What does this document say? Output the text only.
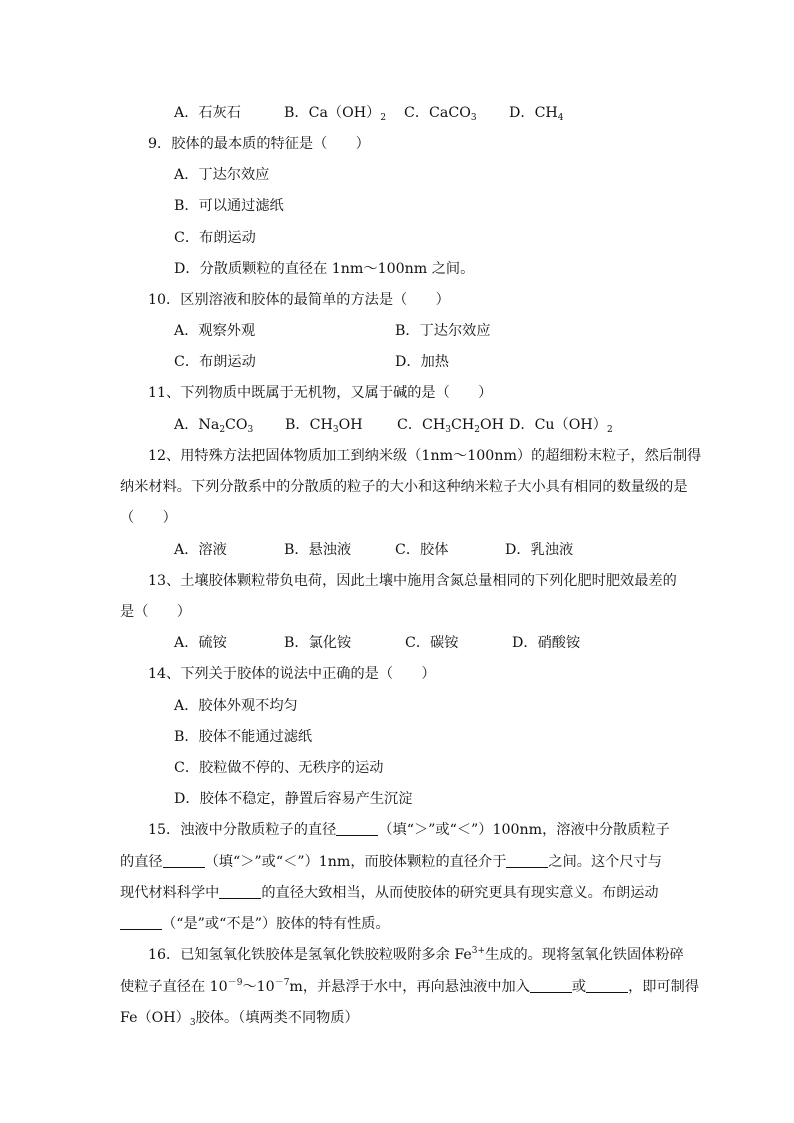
A．石灰石	B．$Ca(OH)_2$ C．CaCO$_3$ D．$CH_4$
9．胶体的最本质的特征是（　　）
A．丁达尔效应
B．可以通过滤纸
C．布朗运动
D．分散质颗粒的直径在 1nm～100nm 之间。
10．区别溶液和胶体的最简单的方法是（　　）
A．观察外观	B．丁达尔效应
C．布朗运动	D．加热
11、下列物质中既属于无机物，又属于碱的是（　　）
A．$Na_2CO_3$ B．$CH_3OH$ C．$CH_3CH_2OH$ D．$Cu(OH)_2$
12、用特殊方法把固体物质加工到纳米级（1nm～100nm）的超细粉末粒子，然后制得
纳米材料。下列分散系中的分散质的粒子的大小和这种纳米粒子大小具有相同的数量级的是
（　　）
A．溶液	B．悬浊液	C．胶体	D．乳浊液
13、土壤胶体颗粒带负电荷，因此土壤中施用含氮总量相同的下列化肥时肥效最差的
是（　　）
A．硫铵	B．氯化铵	C．碳铵	D．硝酸铵
14、下列关于胶体的说法中正确的是（　　）
A．胶体外观不均匀
B．胶体不能通过滤纸
C．胶粒做不停的、无秩序的运动
D．胶体不稳定，静置后容易产生沉淀
15．浊液中分散质粒子的直径	（填“＞”或“＜”）100nm，溶液中分散质粒子
的直径	（填“＞”或“＜”）1nm，而胶体颗粒的直径介于	之间。这个尺寸与
现代材料科学中	的直径大致相当，从而使胶体的研究更具有现实意义。布朗运动
（“是”或“不是”）胶体的特有性质。
16．已知氢氧化铁胶体是氢氧化铁胶粒吸附多余 $Fe^{3+}$生成的。现将氢氧化铁固体粉碎
使粒子直径在 $10^{-9}\sim 10^{-7}m$，并悬浮于水中，再向悬浊液中加入	或	，即可制得
$Fe(OH)_3$胶体。（填两类不同物质）
